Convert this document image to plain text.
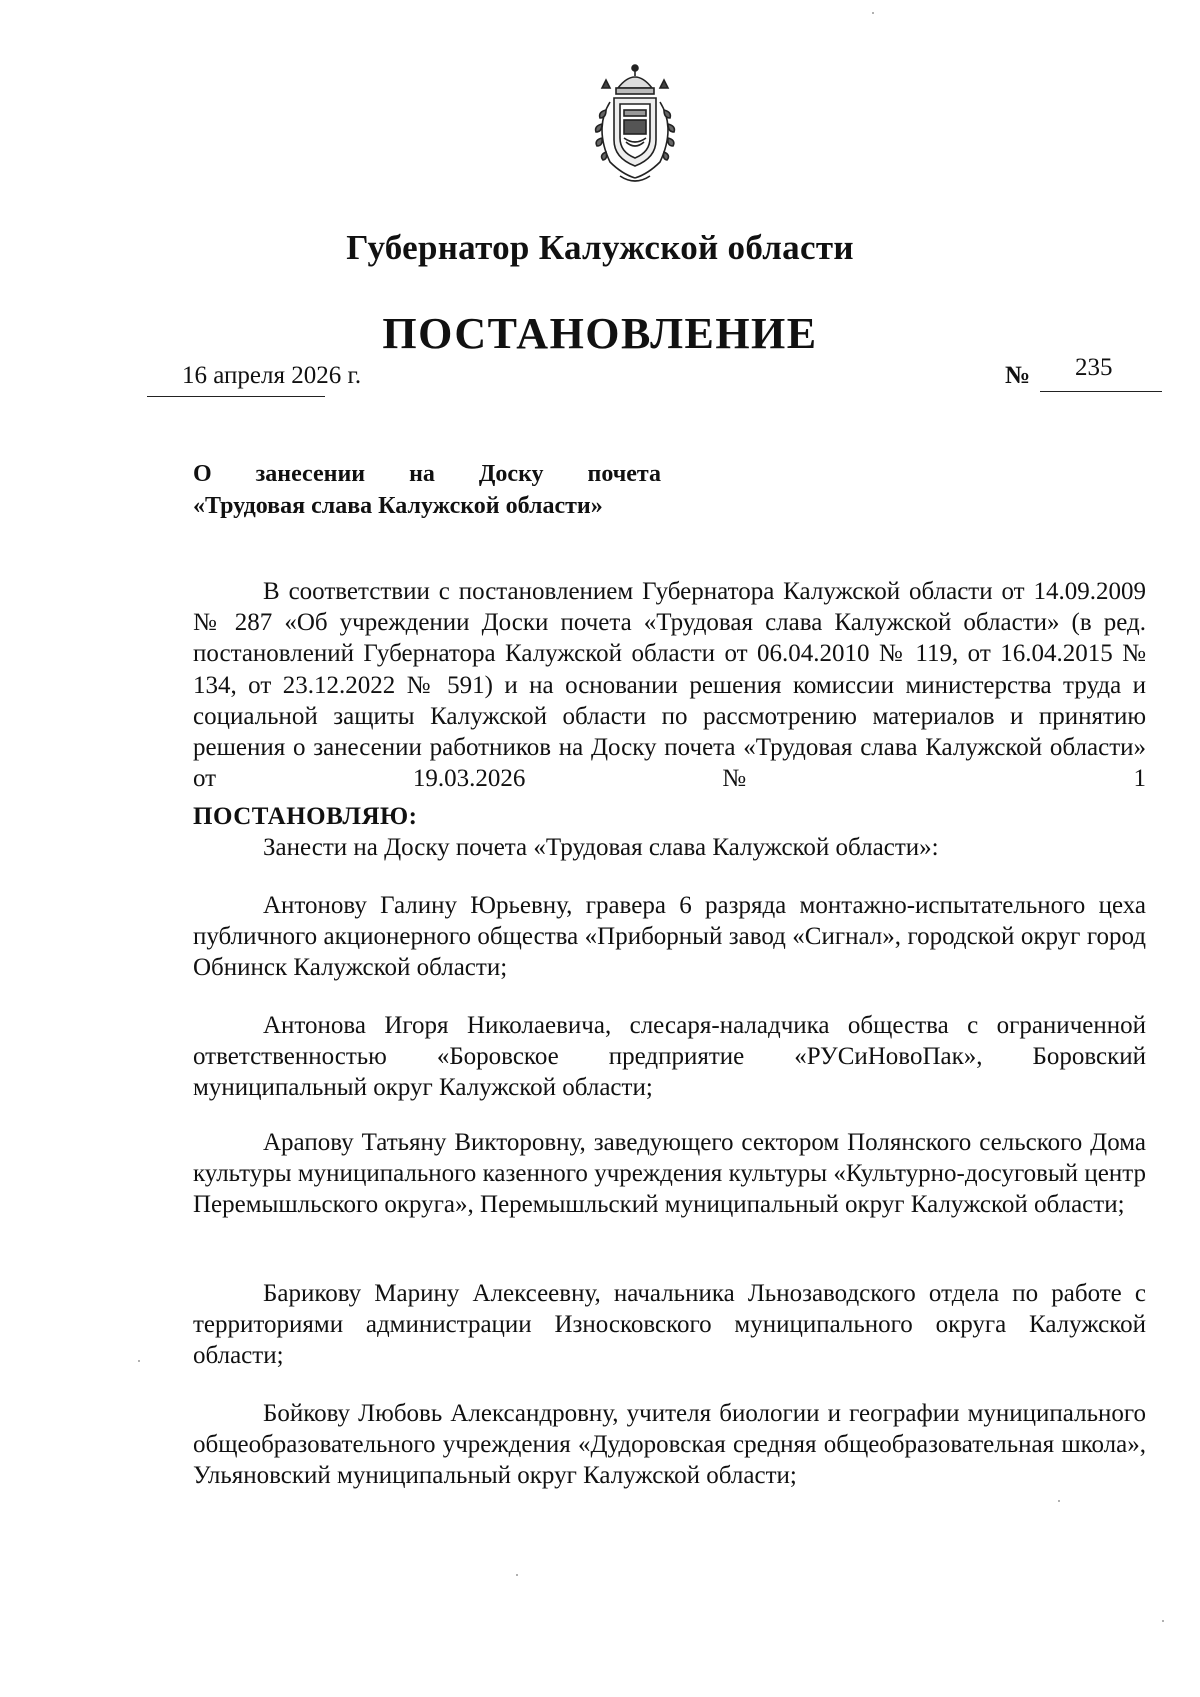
Губернатор Калужской области
ПОСТАНОВЛЕНИЕ
16 апреля 2026 г.	№ 235
О занесении на Доску почета
«Трудовая слава Калужской области»
В соответствии с постановлением Губернатора Калужской области от 14.09.2009 № 287 «Об учреждении Доски почета «Трудовая слава Калужской области» (в ред. постановлений Губернатора Калужской области от 06.04.2010 № 119, от 16.04.2015 № 134, от 23.12.2022 № 591) и на основании решения комиссии министерства труда и социальной защиты Калужской области по рассмотрению материалов и принятию решения о занесении работников на Доску почета «Трудовая слава Калужской области» от 19.03.2026 № 1
ПОСТАНОВЛЯЮ:
Занести на Доску почета «Трудовая слава Калужской области»:
Антонову Галину Юрьевну, гравера 6 разряда монтажно-испытательного цеха публичного акционерного общества «Приборный завод «Сигнал», городской округ город Обнинск Калужской области;
Антонова Игоря Николаевича, слесаря-наладчика общества с ограниченной ответственностью «Боровское предприятие «РУСиНовоПак», Боровский муниципальный округ Калужской области;
Арапову Татьяну Викторовну, заведующего сектором Полянского сельского Дома культуры муниципального казенного учреждения культуры «Культурно-досуговый центр Перемышльского округа», Перемышльский муниципальный округ Калужской области;
Барикову Марину Алексеевну, начальника Льнозаводского отдела по работе с территориями администрации Износковского муниципального округа Калужской области;
Бойкову Любовь Александровну, учителя биологии и географии муниципального общеобразовательного учреждения «Дудоровская средняя общеобразовательная школа», Ульяновский муниципальный округ Калужской области;
